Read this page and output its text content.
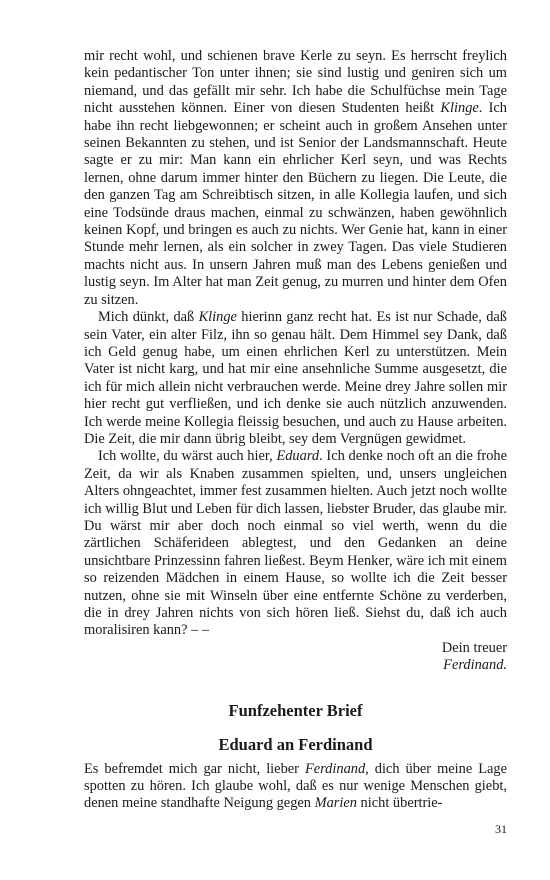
mir recht wohl, und schienen brave Kerle zu seyn. Es herrscht freylich kein pedantischer Ton unter ihnen; sie sind lustig und geniren sich um niemand, und das gefällt mir sehr. Ich habe die Schulfüchse mein Tage nicht ausstehen können. Einer von diesen Studenten heißt Klinge. Ich habe ihn recht liebgewonnen; er scheint auch in großem Ansehen unter seinen Bekannten zu stehen, und ist Senior der Landsmannschaft. Heute sagte er zu mir: Man kann ein ehrlicher Kerl seyn, und was Rechts lernen, ohne darum immer hinter den Büchern zu liegen. Die Leute, die den ganzen Tag am Schreibtisch sitzen, in alle Kollegia laufen, und sich eine Todsünde draus machen, einmal zu schwänzen, haben gewöhnlich keinen Kopf, und bringen es auch zu nichts. Wer Genie hat, kann in einer Stunde mehr lernen, als ein solcher in zwey Tagen. Das viele Studieren machts nicht aus. In unsern Jahren muß man des Lebens genießen und lustig seyn. Im Alter hat man Zeit genug, zu murren und hinter dem Ofen zu sitzen.

Mich dünkt, daß Klinge hierinn ganz recht hat. Es ist nur Schade, daß sein Vater, ein alter Filz, ihn so genau hält. Dem Himmel sey Dank, daß ich Geld genug habe, um einen ehrlichen Kerl zu unterstützen. Mein Vater ist nicht karg, und hat mir eine ansehnliche Summe ausgesetzt, die ich für mich allein nicht verbrauchen werde. Meine drey Jahre sollen mir hier recht gut verfließen, und ich denke sie auch nützlich anzuwenden. Ich werde meine Kollegia fleissig besuchen, und auch zu Hause arbeiten. Die Zeit, die mir dann übrig bleibt, sey dem Vergnügen gewidmet.

Ich wollte, du wärst auch hier, Eduard. Ich denke noch oft an die frohe Zeit, da wir als Knaben zusammen spielten, und, unsers ungleichen Alters ohngeachtet, immer fest zusammen hielten. Auch jetzt noch wollte ich willig Blut und Leben für dich lassen, liebster Bruder, das glaube mir. Du wärst mir aber doch noch einmal so viel werth, wenn du die zärtlichen Schäferideen ablegtest, und den Gedanken an deine unsichtbare Prinzessinn fahren ließest. Beym Henker, wäre ich mit einem so reizenden Mädchen in einem Hause, so wollte ich die Zeit besser nutzen, ohne sie mit Winseln über eine entfernte Schöne zu verderben, die in drey Jahren nichts von sich hören ließ. Siehst du, daß ich auch moralisiren kann? – –

Dein treuer

Ferdinand.

Funfzehenter Brief
Eduard an Ferdinand

Es befremdet mich gar nicht, lieber Ferdinand, dich über meine Lage spotten zu hören. Ich glaube wohl, daß es nur wenige Menschen giebt, denen meine standhafte Neigung gegen Marien nicht übertrie-

31
